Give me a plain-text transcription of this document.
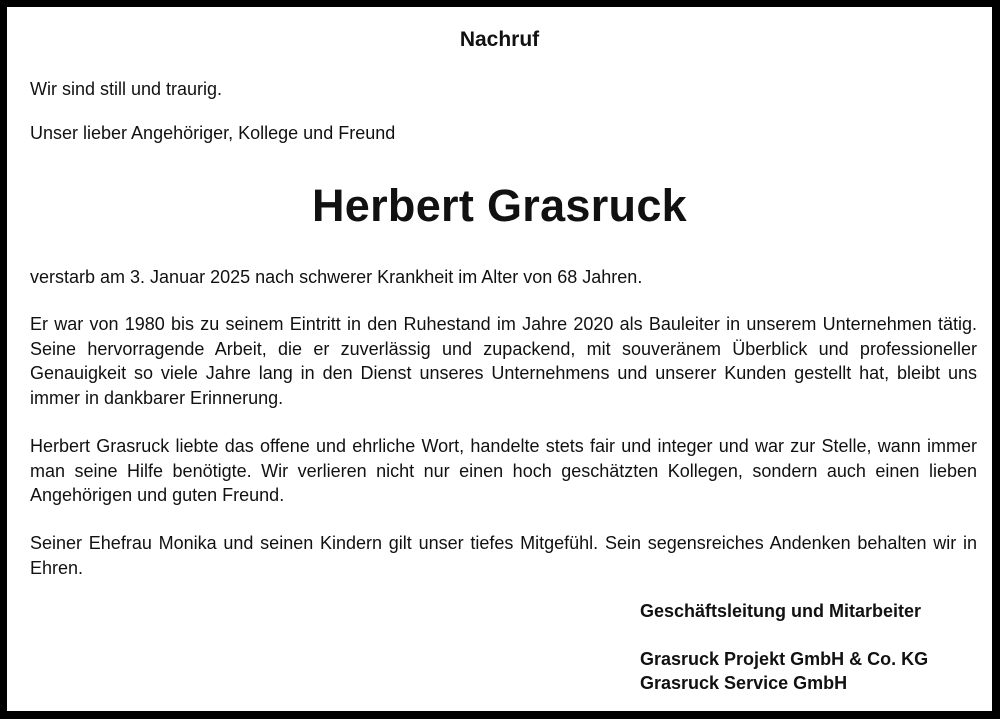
Nachruf
Wir sind still und traurig.
Unser lieber Angehöriger, Kollege und Freund
Herbert Grasruck
verstarb am 3. Januar 2025 nach schwerer Krankheit im Alter von 68 Jahren.
Er war von 1980 bis zu seinem Eintritt in den Ruhestand im Jahre 2020 als Bauleiter in unserem Unternehmen tätig. Seine hervorragende Arbeit, die er zuverlässig und zupackend, mit souveränem Überblick und professioneller Genauigkeit so viele Jahre lang in den Dienst unseres Unternehmens und unserer Kunden gestellt hat, bleibt uns immer in dankbarer Erinnerung.
Herbert Grasruck liebte das offene und ehrliche Wort, handelte stets fair und integer und war zur Stelle, wann immer man seine Hilfe benötigte. Wir verlieren nicht nur einen hoch geschätzten Kollegen, sondern auch einen lieben Angehörigen und guten Freund.
Seiner Ehefrau Monika und seinen Kindern gilt unser tiefes Mitgefühl. Sein segensreiches Andenken behalten wir in Ehren.
Geschäftsleitung und Mitarbeiter
Grasruck Projekt GmbH & Co. KG
Grasruck Service GmbH
